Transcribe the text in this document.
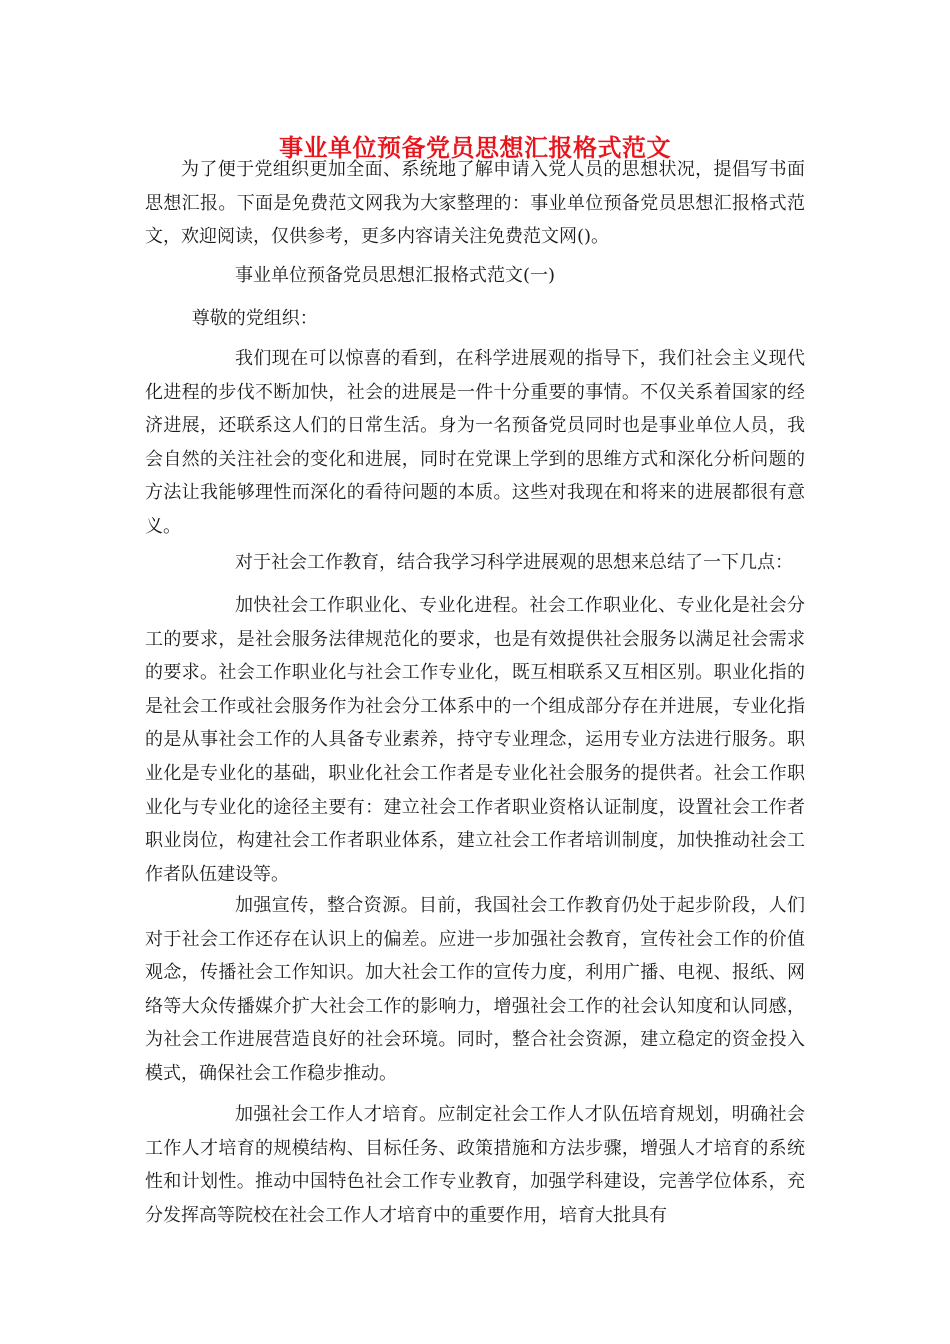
事业单位预备党员思想汇报格式范文

为了便于党组织更加全面、系统地了解申请入党人员的思想状况，提倡写书面思想汇报。下面是免费范文网我为大家整理的：事业单位预备党员思想汇报格式范文，欢迎阅读，仅供参考，更多内容请关注免费范文网()。

事业单位预备党员思想汇报格式范文(一)

尊敬的党组织：

我们现在可以惊喜的看到，在科学进展观的指导下，我们社会主义现代化进程的步伐不断加快，社会的进展是一件十分重要的事情。不仅关系着国家的经济进展，还联系这人们的日常生活。身为一名预备党员同时也是事业单位人员，我会自然的关注社会的变化和进展，同时在党课上学到的思维方式和深化分析问题的方法让我能够理性而深化的看待问题的本质。这些对我现在和将来的进展都很有意义。

对于社会工作教育，结合我学习科学进展观的思想来总结了一下几点：

加快社会工作职业化、专业化进程。社会工作职业化、专业化是社会分工的要求，是社会服务法律规范化的要求，也是有效提供社会服务以满足社会需求的要求。社会工作职业化与社会工作专业化，既互相联系又互相区别。职业化指的是社会工作或社会服务作为社会分工体系中的一个组成部分存在并进展，专业化指的是从事社会工作的人具备专业素养，持守专业理念，运用专业方法进行服务。职业化是专业化的基础，职业化社会工作者是专业化社会服务的提供者。社会工作职业化与专业化的途径主要有：建立社会工作者职业资格认证制度，设置社会工作者职业岗位，构建社会工作者职业体系，建立社会工作者培训制度，加快推动社会工作者队伍建设等。

加强宣传，整合资源。目前，我国社会工作教育仍处于起步阶段，人们对于社会工作还存在认识上的偏差。应进一步加强社会教育，宣传社会工作的价值观念，传播社会工作知识。加大社会工作的宣传力度，利用广播、电视、报纸、网络等大众传播媒介扩大社会工作的影响力，增强社会工作的社会认知度和认同感，为社会工作进展营造良好的社会环境。同时，整合社会资源，建立稳定的资金投入模式，确保社会工作稳步推动。

加强社会工作人才培育。应制定社会工作人才队伍培育规划，明确社会工作人才培育的规模结构、目标任务、政策措施和方法步骤，增强人才培育的系统性和计划性。推动中国特色社会工作专业教育，加强学科建设，完善学位体系，充分发挥高等院校在社会工作人才培育中的重要作用，培育大批具有
